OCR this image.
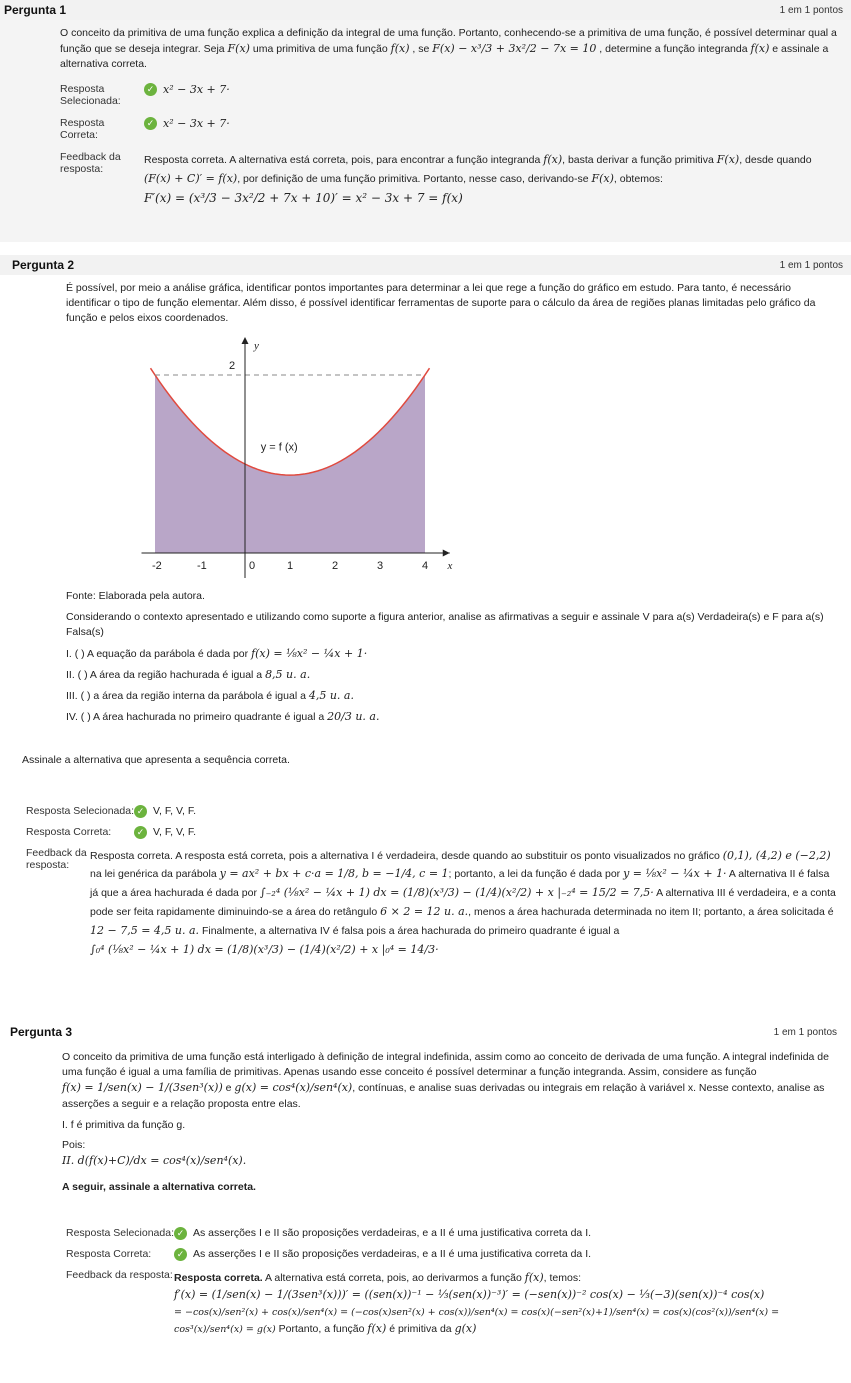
Pergunta 1	1 em 1 pontos

O conceito da primitiva de uma função explica a definição da integral de uma função. Portanto, conhecendo-se a primitiva de uma função, é possível determinar qual a função que se deseja integrar. Seja F(x) uma primitiva de uma função f(x) , se F(x) − x³/3 + 3x²/2 − 7x = 10 , determine a função integranda f(x) e assinale a alternativa correta.

Resposta Selecionada:
✓ x² − 3x + 7·
Resposta Correta:
✓ x² − 3x + 7·
Feedback da resposta:
Resposta correta. A alternativa está correta, pois, para encontrar a função integranda f(x), basta derivar a função primitiva F(x), desde quando (F(x) + C)′ = f(x), por definição de uma função primitiva. Portanto, nesse caso, derivando-se F(x), obtemos:
F′(x) = (x³/3 − 3x²/2 + 7x + 10)′ = x² − 3x + 7 = f(x)
Pergunta 2	1 em 1 pontos

É possível, por meio a análise gráfica, identificar pontos importantes para determinar a lei que rege a função do gráfico em estudo. Para tanto, é necessário identificar o tipo de função elementar. Além disso, é possível identificar ferramentas de suporte para o cálculo da área de regiões planas limitadas pelo gráfico da função e pelos eixos coordenados.

-2	-1	0	1	2	3	4
2
x
y
y = f (x)

Fonte: Elaborada pela autora.

Considerando o contexto apresentado e utilizando como suporte a figura anterior, analise as afirmativas a seguir e assinale V para a(s) Verdadeira(s) e F para a(s) Falsa(s)

I. ( ) A equação da parábola é dada por f(x) = ⅛x² − ¼x + 1·
II. ( ) A área da região hachurada é igual a 8,5 u. a.
III. ( ) a área da região interna da parábola é igual a 4,5 u. a.
IV. ( ) A área hachurada no primeiro quadrante é igual a 20/3 u. a.

Assinale a alternativa que apresenta a sequência correta.

Resposta Selecionada: ✓ V, F, V, F.
Resposta Correta:	✓ V, F, V, F.
Feedback da resposta:
Resposta correta. A resposta está correta, pois a alternativa I é verdadeira, desde quando ao substituir os ponto visualizados no gráfico (0,1), (4,2) e (−2,2) na lei genérica da parábola y = ax² + bx + c·a = 1/8, b = −1/4, c = 1; portanto, a lei da função é dada por y = ⅛x² − ¼x + 1· A alternativa II é falsa já que a área hachurada é dada por ∫₋₂⁴ (⅛x² − ¼x + 1) dx = (1/8)(x³/3) − (1/4)(x²/2) + x |₋₂⁴ = 15/2 = 7,5· A alternativa III é verdadeira, e a conta pode ser feita rapidamente diminuindo-se a área do retângulo 6 × 2 = 12 u. a., menos a área hachurada determinada no item II; portanto, a área solicitada é 12 − 7,5 = 4,5 u. a. Finalmente, a alternativa IV é falsa pois a área hachurada do primeiro quadrante é igual a
∫₀⁴ (⅛x² − ¼x + 1) dx = (1/8)(x³/3) − (1/4)(x²/2) + x |₀⁴ = 14/3·
Pergunta 3	1 em 1 pontos

O conceito da primitiva de uma função está interligado à definição de integral indefinida, assim como ao conceito de derivada de uma função. A integral indefinida de uma função é igual a uma família de primitivas. Apenas usando esse conceito é possível determinar a função integranda. Assim, considere as função f(x) = 1/sen(x) − 1/(3sen³(x)) e g(x) = cos⁴(x)/sen⁴(x), contínuas, e analise suas derivadas ou integrais em relação à variável x. Nesse contexto, analise as asserções a seguir e a relação proposta entre elas.

I. f é primitiva da função g.
Pois:
II. d(f(x)+C)/dx = cos⁴(x)/sen⁴(x).

A seguir, assinale a alternativa correta.

Resposta Selecionada: ✓ As asserções I e II são proposições verdadeiras, e a II é uma justificativa correta da I.
Resposta Correta:	✓ As asserções I e II são proposições verdadeiras, e a II é uma justificativa correta da I.
Feedback da resposta: Resposta correta. A alternativa está correta, pois, ao derivarmos a função f(x), temos:
f′(x) = (1/sen(x) − 1/(3sen³(x)))′ = ((sen(x))⁻¹ − ⅓(sen(x))⁻³)′ = (−sen(x))⁻² cos(x) − ⅓(−3)(sen(x))⁻⁴ cos(x)
= −cos(x)/sen²(x) + cos(x)/sen⁴(x) = (−cos(x)sen²(x) + cos(x))/sen⁴(x) = cos(x)(−sen²(x)+1)/sen⁴(x) = cos(x)(cos²(x))/sen⁴(x) = cos³(x)/sen⁴(x) = g(x) Portanto, a função f(x) é primitiva da g(x)
